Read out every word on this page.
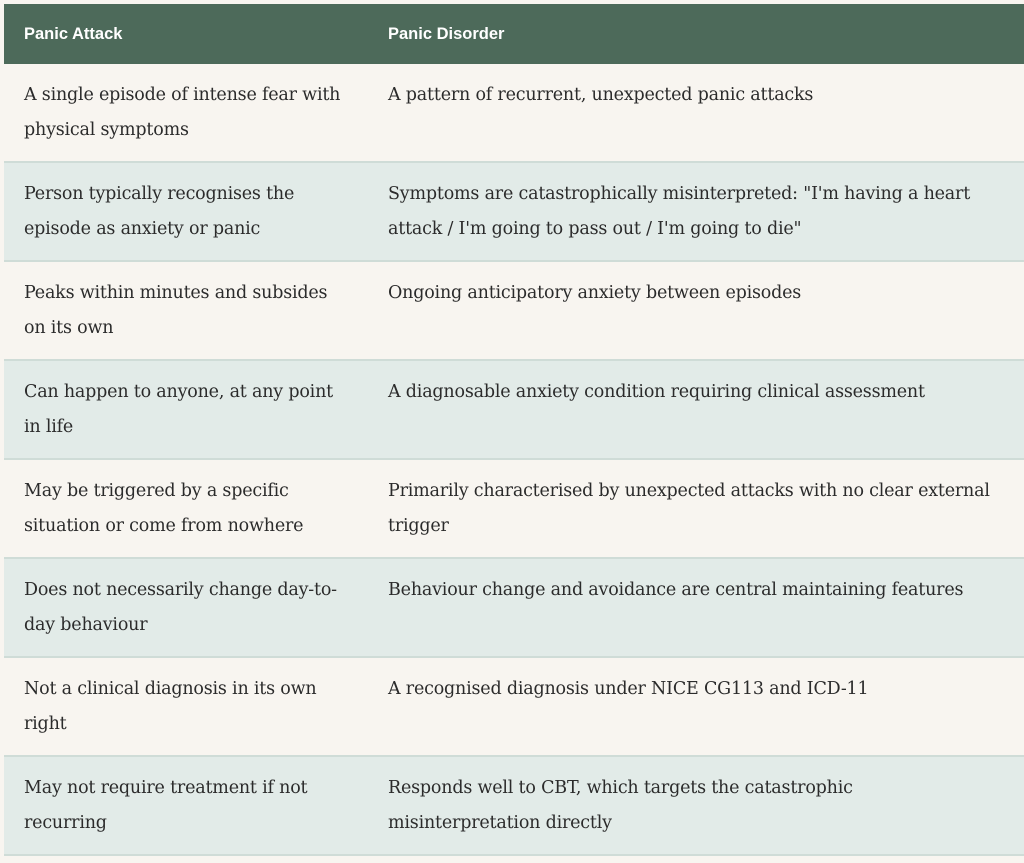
Panic Attack	Panic Disorder
A single episode of intense fear with physical symptoms	A pattern of recurrent, unexpected panic attacks
Person typically recognises the episode as anxiety or panic	Symptoms are catastrophically misinterpreted: "I'm having a heart attack / I'm going to pass out / I'm going to die"
Peaks within minutes and subsides on its own	Ongoing anticipatory anxiety between episodes
Can happen to anyone, at any point in life	A diagnosable anxiety condition requiring clinical assessment
May be triggered by a specific situation or come from nowhere	Primarily characterised by unexpected attacks with no clear external trigger
Does not necessarily change day-to-day behaviour	Behaviour change and avoidance are central maintaining features
Not a clinical diagnosis in its own right	A recognised diagnosis under NICE CG113 and ICD-11
May not require treatment if not recurring	Responds well to CBT, which targets the catastrophic misinterpretation directly
